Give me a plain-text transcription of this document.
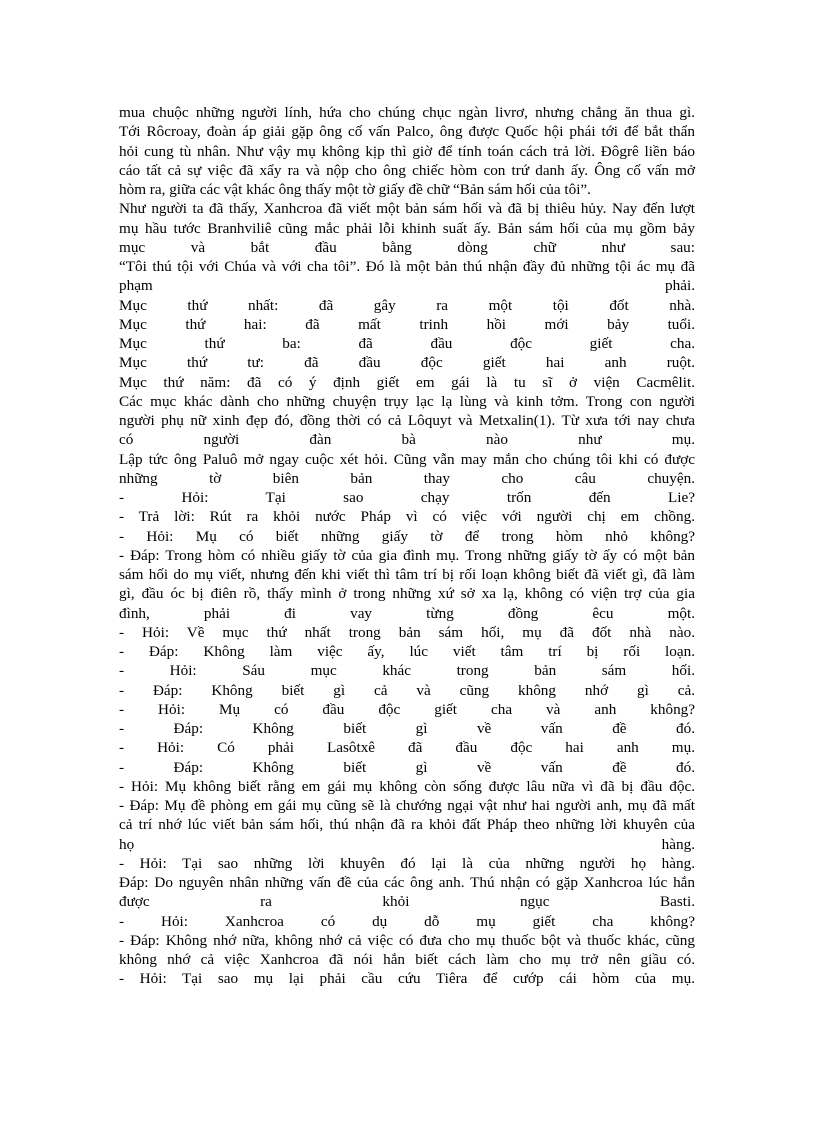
mua chuộc những người lính, hứa cho chúng chục ngàn livrơ, nhưng chẳng ăn thua gì.
Tới Rôcroay, đoàn áp giải gặp ông cố vấn Palco, ông được Quốc hội phái tới để bắt thẩn
hỏi cung tù nhân. Như vậy mụ không kịp thì giờ để tính toán cách trả lời. Đôgrê liền báo
cáo tất cả sự việc đã xẩy ra và nộp cho ông chiếc hòm con trứ danh ấy. Ông cố vấn mở
hòm ra, giữa các vật khác ông thấy một tờ giấy đề chữ “Bản sám hối của tôi”.
Như người ta đã thấy, Xanhcroa đã viết một bản sám hối và đã bị thiêu hủy. Nay đến lượt
mụ hầu tước Branhviliê cũng mắc phải lỗi khinh suất ấy. Bản sám hối của mụ gồm bảy
mục và bắt đầu bằng dòng chữ như sau:
“Tôi thú tội với Chúa và với cha tôi”. Đó là một bản thú nhận đầy đủ những tội ác mụ đã
phạm phải.
Mục thứ nhất: đã gây ra một tội đốt nhà.
Mục thứ hai: đã mất trinh hồi mới bảy tuổi.
Mục thứ ba: đã đầu độc giết cha.
Mục thứ tư: đã đầu độc giết hai anh ruột.
Mục thứ năm: đã có ý định giết em gái là tu sĩ ở viện Cacmêlit.
Các mục khác dành cho những chuyện trụy lạc lạ lùng và kinh tởm. Trong con người
người phụ nữ xinh đẹp đó, đồng thời có cả Lôquyt và Metxalin(1). Từ xưa tới nay chưa
có người đàn bà nào như mụ.
Lập tức ông Paluô mở ngay cuộc xét hỏi. Cũng vẫn may mắn cho chúng tôi khi có được
những tờ biên bản thay cho câu chuyện.
- Hỏi: Tại sao chạy trốn đến Lie?
- Trả lời: Rút ra khỏi nước Pháp vì có việc với người chị em chồng.
- Hỏi: Mụ có biết những giấy tờ để trong hòm nhỏ không?
- Đáp: Trong hòm có nhiều giấy tờ của gia đình mụ. Trong những giấy tờ ấy có một bản
sám hối do mụ viết, nhưng đến khi viết thì tâm trí bị rối loạn không biết đã viết gì, đã làm
gì, đầu óc bị điên rồ, thấy mình ở trong những xứ sở xa lạ, không có viện trợ của gia
đình, phải đi vay từng đồng êcu một.
- Hỏi: Về mục thứ nhất trong bản sám hối, mụ đã đốt nhà nào.
- Đáp: Không làm việc ấy, lúc viết tâm trí bị rối loạn.
- Hỏi: Sáu mục khác trong bản sám hối.
- Đáp: Không biết gì cả và cũng không nhớ gì cả.
- Hỏi: Mụ có đầu độc giết cha và anh không?
- Đáp: Không biết gì về vấn đề đó.
- Hỏi: Có phải Lasôtxê đã đầu độc hai anh mụ.
- Đáp: Không biết gì về vấn đề đó.
- Hỏi: Mụ không biết rằng em gái mụ không còn sống được lâu nữa vì đã bị đầu độc.
- Đáp: Mụ đề phòng em gái mụ cũng sẽ là chướng ngại vật như hai người anh, mụ đã mất
cả trí nhớ lúc viết bản sám hối, thú nhận đã ra khỏi đất Pháp theo những lời khuyên của
họ hàng.
- Hỏi: Tại sao những lời khuyên đó lại là của những người họ hàng.
Đáp: Do nguyên nhân những vấn đề của các ông anh. Thú nhận có gặp Xanhcroa lúc hắn
được ra khỏi ngục Basti.
- Hỏi: Xanhcroa có dụ dỗ mụ giết cha không?
- Đáp: Không nhớ nữa, không nhớ cả việc có đưa cho mụ thuốc bột và thuốc khác, cũng
không nhớ cả việc Xanhcroa đã nói hắn biết cách làm cho mụ trở nên giầu có.
- Hỏi: Tại sao mụ lại phải cầu cứu Tiêra để cướp cái hòm của mụ.
